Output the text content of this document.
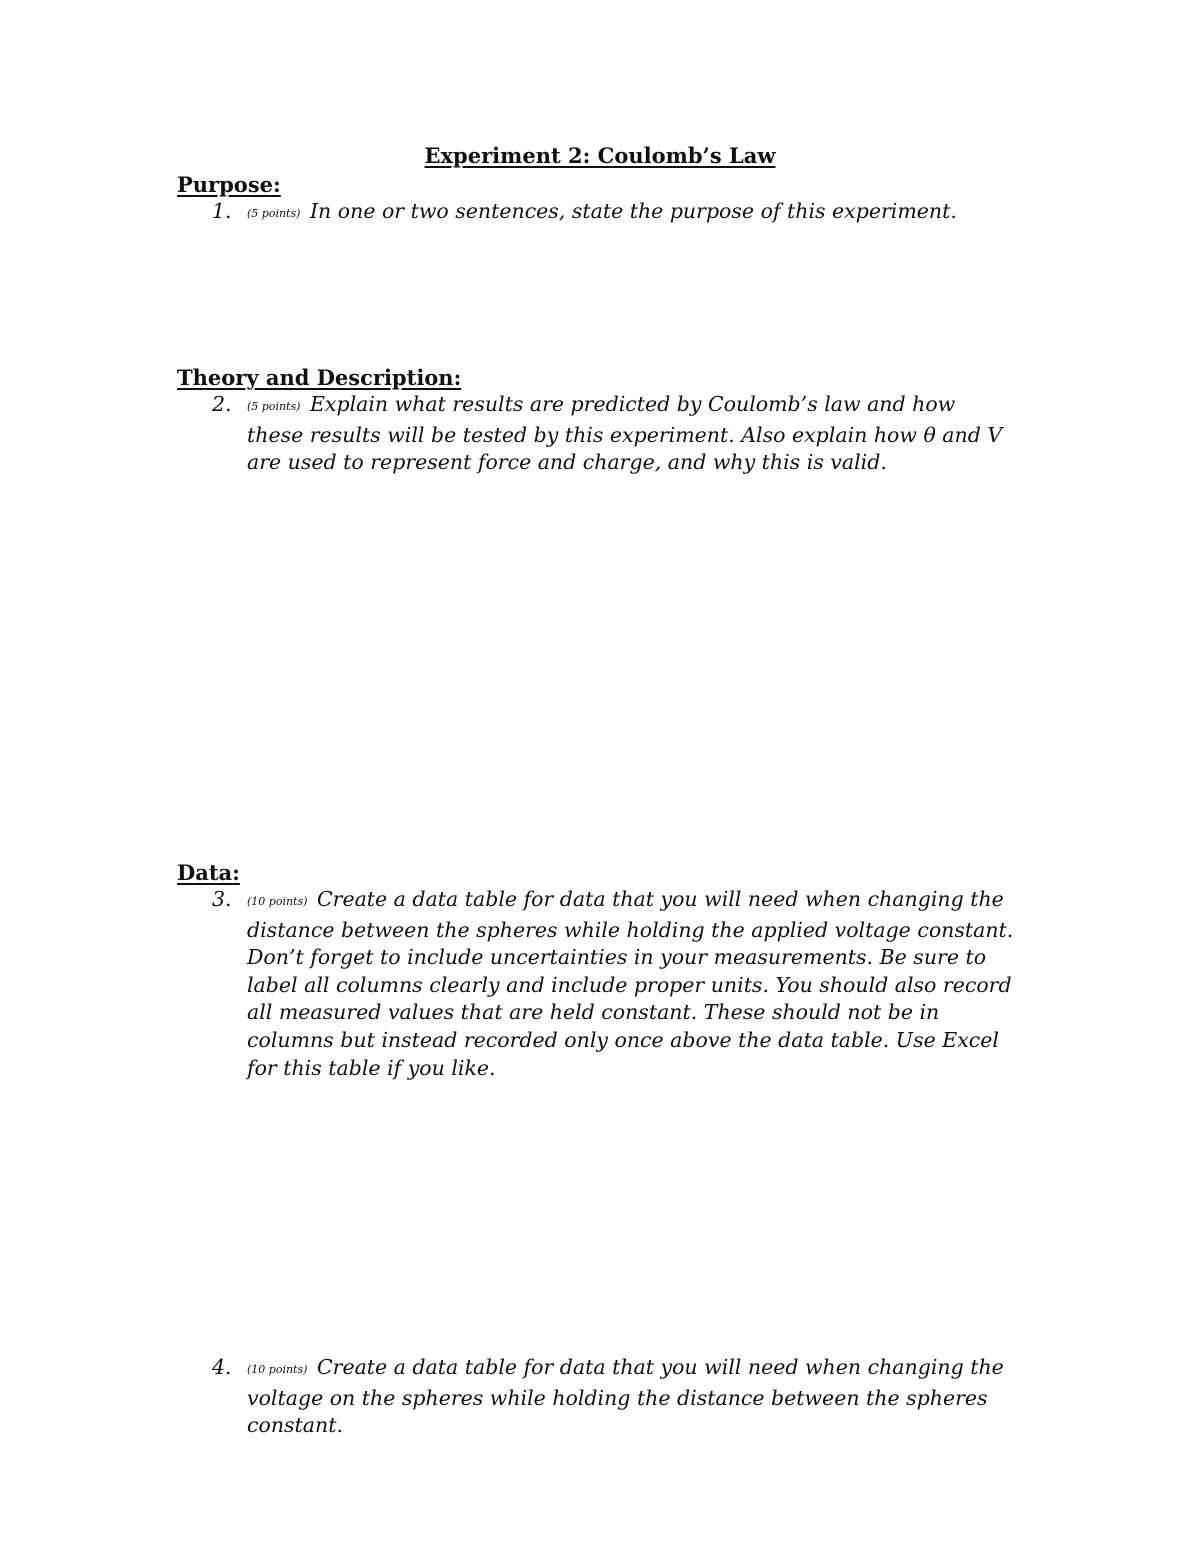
Experiment 2: Coulomb’s Law
Purpose:
1. (5 points) In one or two sentences, state the purpose of this experiment.
Theory and Description:
2. (5 points) Explain what results are predicted by Coulomb’s law and how these results will be tested by this experiment. Also explain how θ and V are used to represent force and charge, and why this is valid.
Data:
3. (10 points) Create a data table for data that you will need when changing the distance between the spheres while holding the applied voltage constant. Don’t forget to include uncertainties in your measurements. Be sure to label all columns clearly and include proper units. You should also record all measured values that are held constant. These should not be in columns but instead recorded only once above the data table. Use Excel for this table if you like.
4. (10 points) Create a data table for data that you will need when changing the voltage on the spheres while holding the distance between the spheres constant.
